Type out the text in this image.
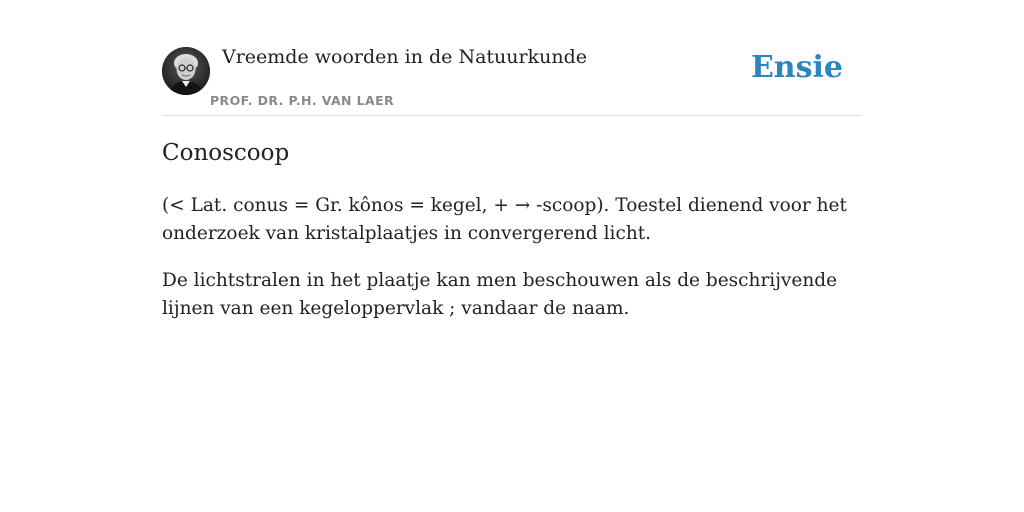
Vreemde woorden in de Natuurkunde
PROF. DR. P.H. VAN LAER
Ensie
Conoscoop

(< Lat. conus = Gr. kônos = kegel, + → -scoop). Toestel dienend voor het onderzoek van kristalplaatjes in convergerend licht.

De lichtstralen in het plaatje kan men beschouwen als de beschrijvende lijnen van een kegeloppervlak ; vandaar de naam.
